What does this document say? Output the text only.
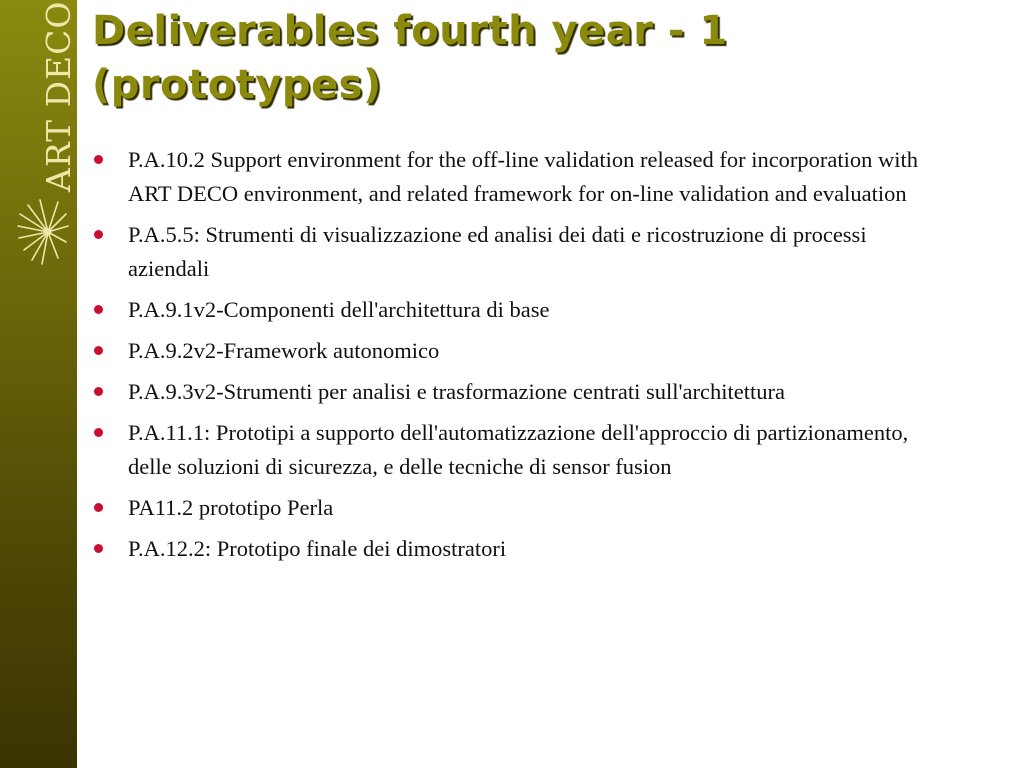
ART DECO Deliverables fourth year - 1
(prototypes)
P.A.10.2 Support environment for the off-line validation released for incorporation with ART DECO environment, and related framework for on-line validation and evaluation
P.A.5.5: Strumenti di visualizzazione ed analisi dei dati e ricostruzione di processi aziendali
P.A.9.1v2-Componenti dell'architettura di base
P.A.9.2v2-Framework autonomico
P.A.9.3v2-Strumenti per analisi e trasformazione centrati sull'architettura
P.A.11.1: Prototipi a supporto dell'automatizzazione dell'approccio di partizionamento, delle soluzioni di sicurezza, e delle tecniche di sensor fusion
PA11.2 prototipo Perla
P.A.12.2: Prototipo finale dei dimostratori
